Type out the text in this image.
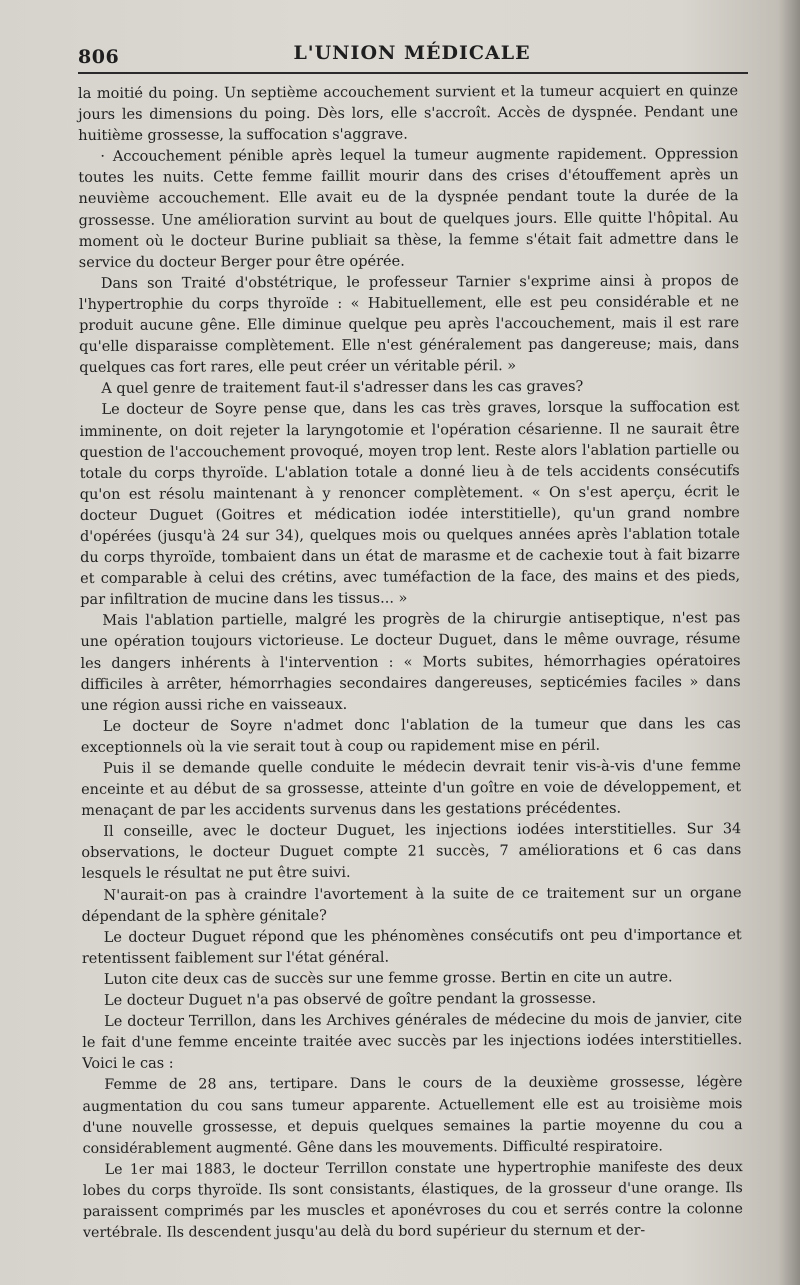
806	L'UNION MÉDICALE

la moitié du poing. Un septième accouchement survient et la tumeur acquiert en quinze jours les dimensions du poing. Dès lors, elle s'accroît. Accès de dyspnée. Pendant une huitième grossesse, la suffocation s'aggrave.

· Accouchement pénible après lequel la tumeur augmente rapidement. Oppression toutes les nuits. Cette femme faillit mourir dans des crises d'étouffement après un neuvième accouchement. Elle avait eu de la dyspnée pendant toute la durée de la grossesse. Une amélioration survint au bout de quelques jours. Elle quitte l'hôpital. Au moment où le docteur Burine publiait sa thèse, la femme s'était fait admettre dans le service du docteur Berger pour être opérée.

Dans son Traité d'obstétrique, le professeur Tarnier s'exprime ainsi à propos de l'hypertrophie du corps thyroïde : « Habituellement, elle est peu considérable et ne produit aucune gêne. Elle diminue quelque peu après l'accouchement, mais il est rare qu'elle disparaisse complètement. Elle n'est généralement pas dangereuse; mais, dans quelques cas fort rares, elle peut créer un véritable péril. »

A quel genre de traitement faut-il s'adresser dans les cas graves?

Le docteur de Soyre pense que, dans les cas très graves, lorsque la suffocation est imminente, on doit rejeter la laryngotomie et l'opération césarienne. Il ne saurait être question de l'accouchement provoqué, moyen trop lent. Reste alors l'ablation partielle ou totale du corps thyroïde. L'ablation totale a donné lieu à de tels accidents consécutifs qu'on est résolu maintenant à y renoncer complètement. « On s'est aperçu, écrit le docteur Duguet (Goitres et médication iodée interstitielle), qu'un grand nombre d'opérées (jusqu'à 24 sur 34), quelques mois ou quelques années après l'ablation totale du corps thyroïde, tombaient dans un état de marasme et de cachexie tout à fait bizarre et comparable à celui des crétins, avec tuméfaction de la face, des mains et des pieds, par infiltration de mucine dans les tissus... »

Mais l'ablation partielle, malgré les progrès de la chirurgie antiseptique, n'est pas une opération toujours victorieuse. Le docteur Duguet, dans le même ouvrage, résume les dangers inhérents à l'intervention : « Morts subites, hémorrhagies opératoires difficiles à arrêter, hémorrhagies secondaires dangereuses, septicémies faciles » dans une région aussi riche en vaisseaux.

Le docteur de Soyre n'admet donc l'ablation de la tumeur que dans les cas exceptionnels où la vie serait tout à coup ou rapidement mise en péril.

Puis il se demande quelle conduite le médecin devrait tenir vis-à-vis d'une femme enceinte et au début de sa grossesse, atteinte d'un goître en voie de développement, et menaçant de par les accidents survenus dans les gestations précédentes.

Il conseille, avec le docteur Duguet, les injections iodées interstitielles. Sur 34 observations, le docteur Duguet compte 21 succès, 7 améliorations et 6 cas dans lesquels le résultat ne put être suivi.

N'aurait-on pas à craindre l'avortement à la suite de ce traitement sur un organe dépendant de la sphère génitale?

Le docteur Duguet répond que les phénomènes consécutifs ont peu d'importance et retentissent faiblement sur l'état général.

Luton cite deux cas de succès sur une femme grosse. Bertin en cite un autre.

Le docteur Duguet n'a pas observé de goître pendant la grossesse.

Le docteur Terrillon, dans les Archives générales de médecine du mois de janvier, cite le fait d'une femme enceinte traitée avec succès par les injections iodées interstitielles. Voici le cas :

Femme de 28 ans, tertipare. Dans le cours de la deuxième grossesse, légère augmentation du cou sans tumeur apparente. Actuellement elle est au troisième mois d'une nouvelle grossesse, et depuis quelques semaines la partie moyenne du cou a considérablement augmenté. Gêne dans les mouvements. Difficulté respiratoire.

Le 1er mai 1883, le docteur Terrillon constate une hypertrophie manifeste des deux lobes du corps thyroïde. Ils sont consistants, élastiques, de la grosseur d'une orange. Ils paraissent comprimés par les muscles et aponévroses du cou et serrés contre la colonne vertébrale. Ils descendent jusqu'au delà du bord supérieur du sternum et der-
